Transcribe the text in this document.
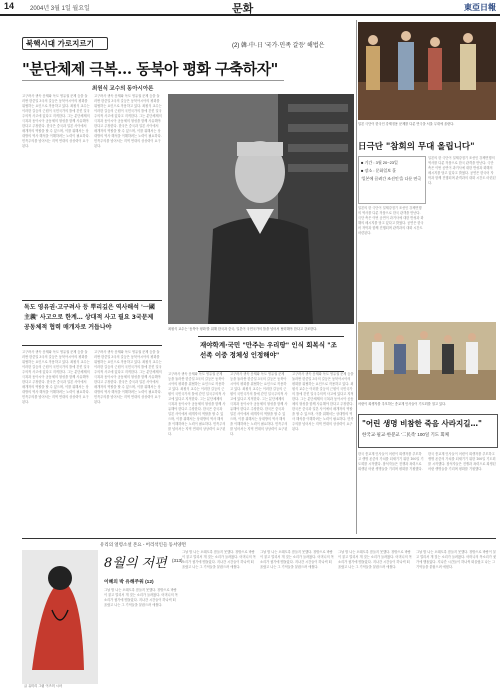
14	2004년 3월 1일 월요일	문화	東亞日報
북핵시대 가로지르기	(2) 韓·中·日 '국가·민족 갈등' 해법은
"분단체제 극복… 동북아 평화 구축하자"
최원식 교수의 동아시아론
고구려사 귀속 문제와 독도 영유권 문제 등을 둘러싼 한중일 3국의 갈등은 동북아시아의 평화를 위협하는 요인으로 작용하고 있다. 최원식 교수는 이러한 갈등의 근원이 국민국가의 틀에 갇힌 일국주의적 사고에 있다고 지적한다. 그는 분단체제의 극복과 동아시아 공동체의 형성을 함께 사유해야 한다고 주장한다. 한국은 중국과 일본 사이에서 매개자의 역할을 할 수 있으며, 이를 위해서는 상대방의 역사 해석을 이해하려는 노력이 필요하다. 민족주의를 넘어서는 지역 연대의 상상력이 요구된다.
고구려사 귀속 문제와 독도 영유권 문제 등을 둘러싼 한중일 3국의 갈등은 동북아시아의 평화를 위협하는 요인으로 작용하고 있다. 최원식 교수는 이러한 갈등의 근원이 국민국가의 틀에 갇힌 일국주의적 사고에 있다고 지적한다. 그는 분단체제의 극복과 동아시아 공동체의 형성을 함께 사유해야 한다고 주장한다. 한국은 중국과 일본 사이에서 매개자의 역할을 할 수 있으며, 이를 위해서는 상대방의 역사 해석을 이해하려는 노력이 필요하다. 민족주의를 넘어서는 지역 연대의 상상력이 요구된다.
최원식 교수는 '동북아 평화'를 위해 한국과 중국, 일본이 국민국가의 틀을 넘어서 협력해야 한다고 강조한다.
독도 영유권·고구려사 등 뿌리깊은 역사해석 '一國主義' 사고으로 한계… 상대적 사고 필요 3국문제 공동체적 협력 매개자로 거듭나야
고구려사 귀속 문제와 독도 영유권 문제 등을 둘러싼 한중일 3국의 갈등은 동북아시아의 평화를 위협하는 요인으로 작용하고 있다. 최원식 교수는 이러한 갈등의 근원이 국민국가의 틀에 갇힌 일국주의적 사고에 있다고 지적한다. 그는 분단체제의 극복과 동아시아 공동체의 형성을 함께 사유해야 한다고 주장한다. 한국은 중국과 일본 사이에서 매개자의 역할을 할 수 있으며, 이를 위해서는 상대방의 역사 해석을 이해하려는 노력이 필요하다. 민족주의를 넘어서는 지역 연대의 상상력이 요구된다.
고구려사 귀속 문제와 독도 영유권 문제 등을 둘러싼 한중일 3국의 갈등은 동북아시아의 평화를 위협하는 요인으로 작용하고 있다. 최원식 교수는 이러한 갈등의 근원이 국민국가의 틀에 갇힌 일국주의적 사고에 있다고 지적한다. 그는 분단체제의 극복과 동아시아 공동체의 형성을 함께 사유해야 한다고 주장한다. 한국은 중국과 일본 사이에서 매개자의 역할을 할 수 있으며, 이를 위해서는 상대방의 역사 해석을 이해하려는 노력이 필요하다. 민족주의를 넘어서는 지역 연대의 상상력이 요구된다.
재야학계·국민 "만주는 우리땅" 인식 회복식 "조선족 이중 정체성 인정해야"
고구려사 귀속 문제와 독도 영유권 문제 등을 둘러싼 한중일 3국의 갈등은 동북아시아의 평화를 위협하는 요인으로 작용하고 있다. 최원식 교수는 이러한 갈등의 근원이 국민국가의 틀에 갇힌 일국주의적 사고에 있다고 지적한다. 그는 분단체제의 극복과 동아시아 공동체의 형성을 함께 사유해야 한다고 주장한다. 한국은 중국과 일본 사이에서 매개자의 역할을 할 수 있으며, 이를 위해서는 상대방의 역사 해석을 이해하려는 노력이 필요하다. 민족주의를 넘어서는 지역 연대의 상상력이 요구된다.
고구려사 귀속 문제와 독도 영유권 문제 등을 둘러싼 한중일 3국의 갈등은 동북아시아의 평화를 위협하는 요인으로 작용하고 있다. 최원식 교수는 이러한 갈등의 근원이 국민국가의 틀에 갇힌 일국주의적 사고에 있다고 지적한다. 그는 분단체제의 극복과 동아시아 공동체의 형성을 함께 사유해야 한다고 주장한다. 한국은 중국과 일본 사이에서 매개자의 역할을 할 수 있으며, 이를 위해서는 상대방의 역사 해석을 이해하려는 노력이 필요하다. 민족주의를 넘어서는 지역 연대의 상상력이 요구된다.
고구려사 귀속 문제와 독도 영유권 문제 등을 둘러싼 한중일 3국의 갈등은 동북아시아의 평화를 위협하는 요인으로 작용하고 있다. 최원식 교수는 이러한 갈등의 근원이 국민국가의 틀에 갇힌 일국주의적 사고에 있다고 지적한다. 그는 분단체제의 극복과 동아시아 공동체의 형성을 함께 사유해야 한다고 주장한다. 한국은 중국과 일본 사이에서 매개자의 역할을 할 수 있으며, 이를 위해서는 상대방의 역사 해석을 이해하려는 노력이 필요하다. 민족주의를 넘어서는 지역 연대의 상상력이 요구된다.
일본 극단이 한국인 강제징용 문제를 다룬 연극을 서울 무대에 올린다.
日극단 "참회의 무대 올립니다"
■ 기간 : 3월 20~23일
■ 장소 : 문화일보 홀
'일본에 끌려간 조선인'을 다룬 연극
일본의 한 극단이 일제강점기 조선인 강제연행의 역사를 다룬 작품으로 한국 관객을 만난다. 극단 측은 이번 공연이 과거사에 대한 반성과 화해의 메시지를 담고 있다고 밝혔다. 공연은 한국어 자막과 함께 진행되며 관객과의 대화 시간도 마련된다.
일본의 한 극단이 일제강점기 조선인 강제연행의 역사를 다룬 작품으로 한국 관객을 만난다. 극단 측은 이번 공연이 과거사에 대한 반성과 화해의 메시지를 담고 있다고 밝혔다. 공연은 한국어 자막과 함께 진행되며 관객과의 대화 시간도 마련된다.
어린이 희생자를 추모하는 종교계 인사들이 기도회를 열고 있다.
"어린 생명 비참한 죽음 사라지길…"
한국교·필교·한분교 '二民족' 100일 기도 회체
한국 종교계 인사들이 어린이 희생자를 추모하고 생명 존중의 가치를 되새기기 위한 100일 기도회를 시작했다. 참석자들은 전쟁과 폭력으로 희생된 어린 생명들을 기리며 평화를 기원했다.
한국 종교계 인사들이 어린이 희생자를 추모하고 생명 존중의 가치를 되새기기 위한 100일 기도회를 시작했다. 참석자들은 전쟁과 폭력으로 희생된 어린 생명들을 기리며 평화를 기원했다.
유리의 얼령소설 본요 - 어리석인들 동서양면
글 유미리 그림 이즈미 시마
8월의 저편 (313)
이혜의 박 유해주워 (12)
그날 밤 나는 오래도록 잠들지 못했다. 창밖으로 바람이 불고 멀리서 개 짖는 소리가 들려왔다. 어머니의 목소리가 귓가에 맴돌았다. 지나간 시간들이 하나씩 떠올랐고 나는 그 기억들을 붙잡으려 애썼다.
그날 밤 나는 오래도록 잠들지 못했다. 창밖으로 바람이 불고 멀리서 개 짖는 소리가 들려왔다. 어머니의 목소리가 귓가에 맴돌았다. 지나간 시간들이 하나씩 떠올랐고 나는 그 기억들을 붙잡으려 애썼다.
그날 밤 나는 오래도록 잠들지 못했다. 창밖으로 바람이 불고 멀리서 개 짖는 소리가 들려왔다. 어머니의 목소리가 귓가에 맴돌았다. 지나간 시간들이 하나씩 떠올랐고 나는 그 기억들을 붙잡으려 애썼다.
그날 밤 나는 오래도록 잠들지 못했다. 창밖으로 바람이 불고 멀리서 개 짖는 소리가 들려왔다. 어머니의 목소리가 귓가에 맴돌았다. 지나간 시간들이 하나씩 떠올랐고 나는 그 기억들을 붙잡으려 애썼다.
그날 밤 나는 오래도록 잠들지 못했다. 창밖으로 바람이 불고 멀리서 개 짖는 소리가 들려왔다. 어머니의 목소리가 귓가에 맴돌았다. 지나간 시간들이 하나씩 떠올랐고 나는 그 기억들을 붙잡으려 애썼다.
